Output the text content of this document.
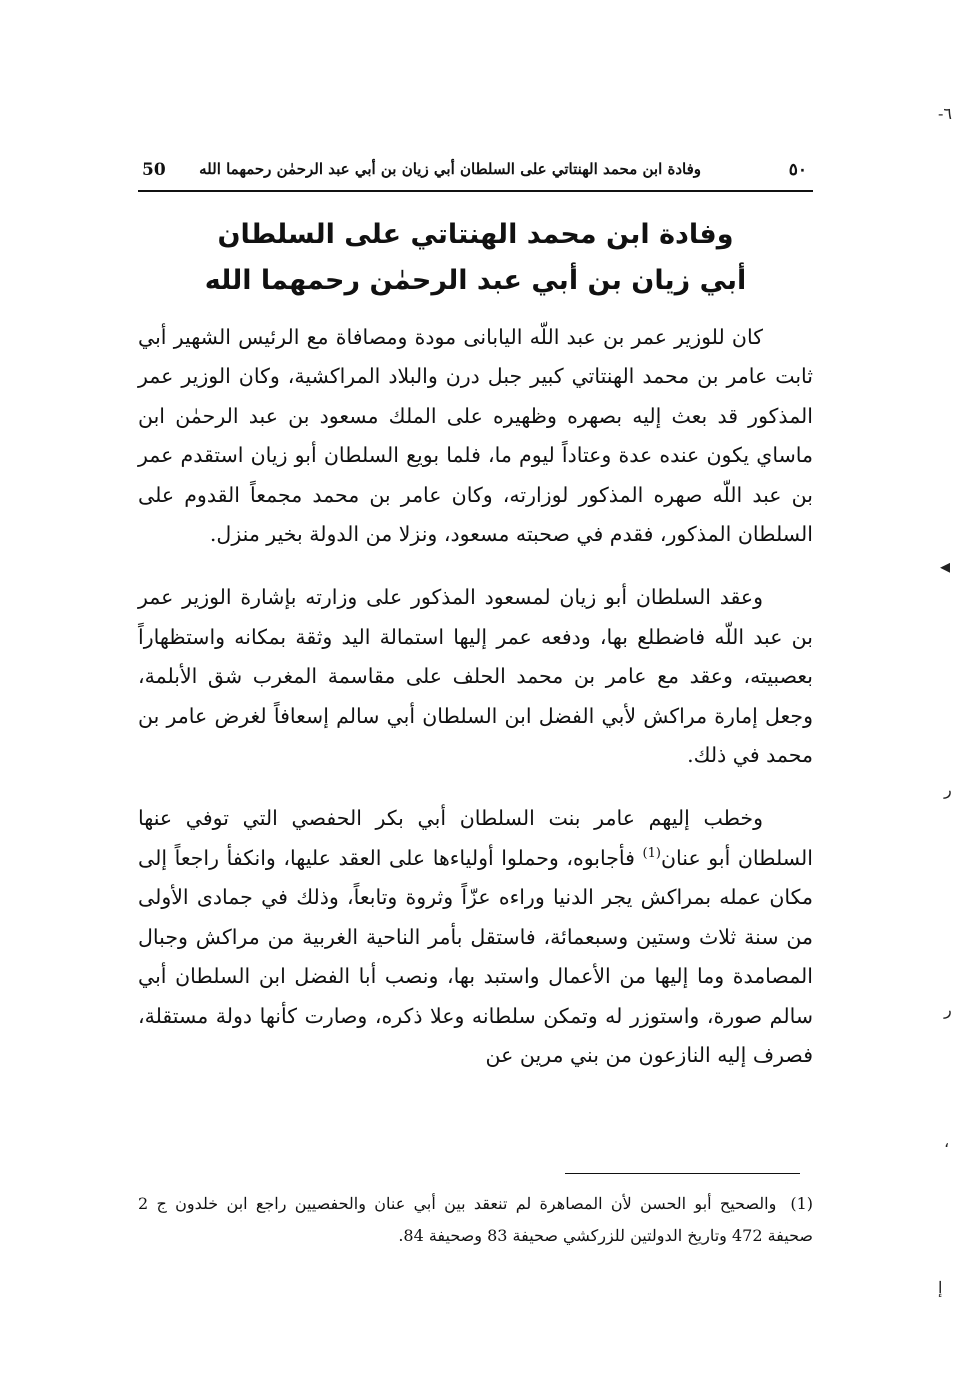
50 وفادة ابن محمد الهنتاتي على السلطان أبي زيان بن أبي عبد الرحمٰن رحمهما الله	٥٠
وفادة ابن محمد الهنتاتي على السلطان
أبي زيان بن أبي عبد الرحمٰن رحمهما الله

كان للوزير عمر بن عبد اللّه اليابانى مودة ومصافاة مع الرئيس الشهير أبي ثابت عامر بن محمد الهنتاتي كبير جبل درن والبلاد المراكشية، وكان الوزير عمر المذكور قد بعث إليه بصهره وظهيره على الملك مسعود بن عبد الرحمٰن ابن ماساي يكون عنده عدة وعتاداً ليوم ما، فلما بويع السلطان أبو زيان استقدم عمر بن عبد اللّه صهره المذكور لوزارته، وكان عامر بن محمد مجمعاً القدوم على السلطان المذكور، فقدم في صحبته مسعود، ونزلا من الدولة بخير منزل.

وعقد السلطان أبو زيان لمسعود المذكور على وزارته بإشارة الوزير عمر بن عبد اللّه فاضطلع بها، ودفعه عمر إليها استمالة اليد وثقة بمكانه واستظهاراً بعصبيته، وعقد مع عامر بن محمد الحلف على مقاسمة المغرب شق الأبلمة، وجعل إمارة مراكش لأبي الفضل ابن السلطان أبي سالم إسعافاً لغرض عامر بن محمد في ذلك.

وخطب إليهم عامر بنت السلطان أبي بكر الحفصي التي توفي عنها السلطان أبو عنان$^{(1)}$ فأجابوه، وحملوا أولياءها على العقد عليها، وانكفأ راجعاً إلى مكان عمله بمراكش يجر الدنيا وراءه عزّاً وثروة وتابعاً، وذلك في جمادى الأولى من سنة ثلاث وستين وسبعمائة، فاستقل بأمر الناحية الغربية من مراكش وجبال المصامدة وما إليها من الأعمال واستبد بها، ونصب أبا الفضل ابن السلطان أبي سالم صورة، واستوزر له وتمكن سلطانه وعلا ذكره، وصارت كأنها دولة مستقلة، فصرف إليه النازعون من بني مرين عن

(1)والصحيح أبو الحسن لأن المصاهرة لم تنعقد بين أبي عنان والحفصيين راجع ابن خلدون ج 2 صحيفة 472 وتاريخ الدولتين للزركشي صحيفة 83 وصحيفة 84.
-٦
◂
ر
ر
،
ﺇ
